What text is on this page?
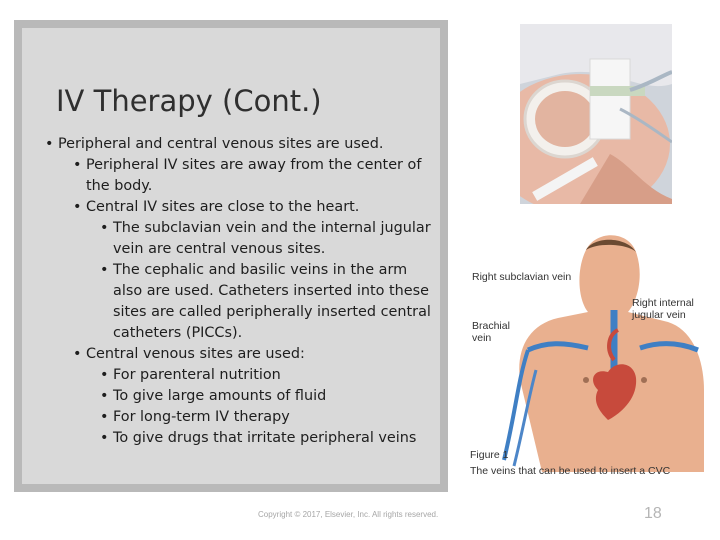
IV Therapy (Cont.)
• Peripheral and central venous sites are used.
• Peripheral IV sites are away from the center of the body.
• Central IV sites are close to the heart.
• The subclavian vein and the internal jugular vein are central venous sites.
• The cephalic and basilic veins in the arm also are used. Catheters inserted into these sites are called peripherally inserted central catheters (PICCs).
• Central venous sites are used:
• For parenteral nutrition
• To give large amounts of fluid
• For long-term IV therapy
• To give drugs that irritate peripheral veins
Right subclavian vein
Right internal jugular vein
Brachial vein
Figure 1
The veins that can be used to insert a CVC
Copyright © 2017, Elsevier, Inc. All rights reserved.	18
